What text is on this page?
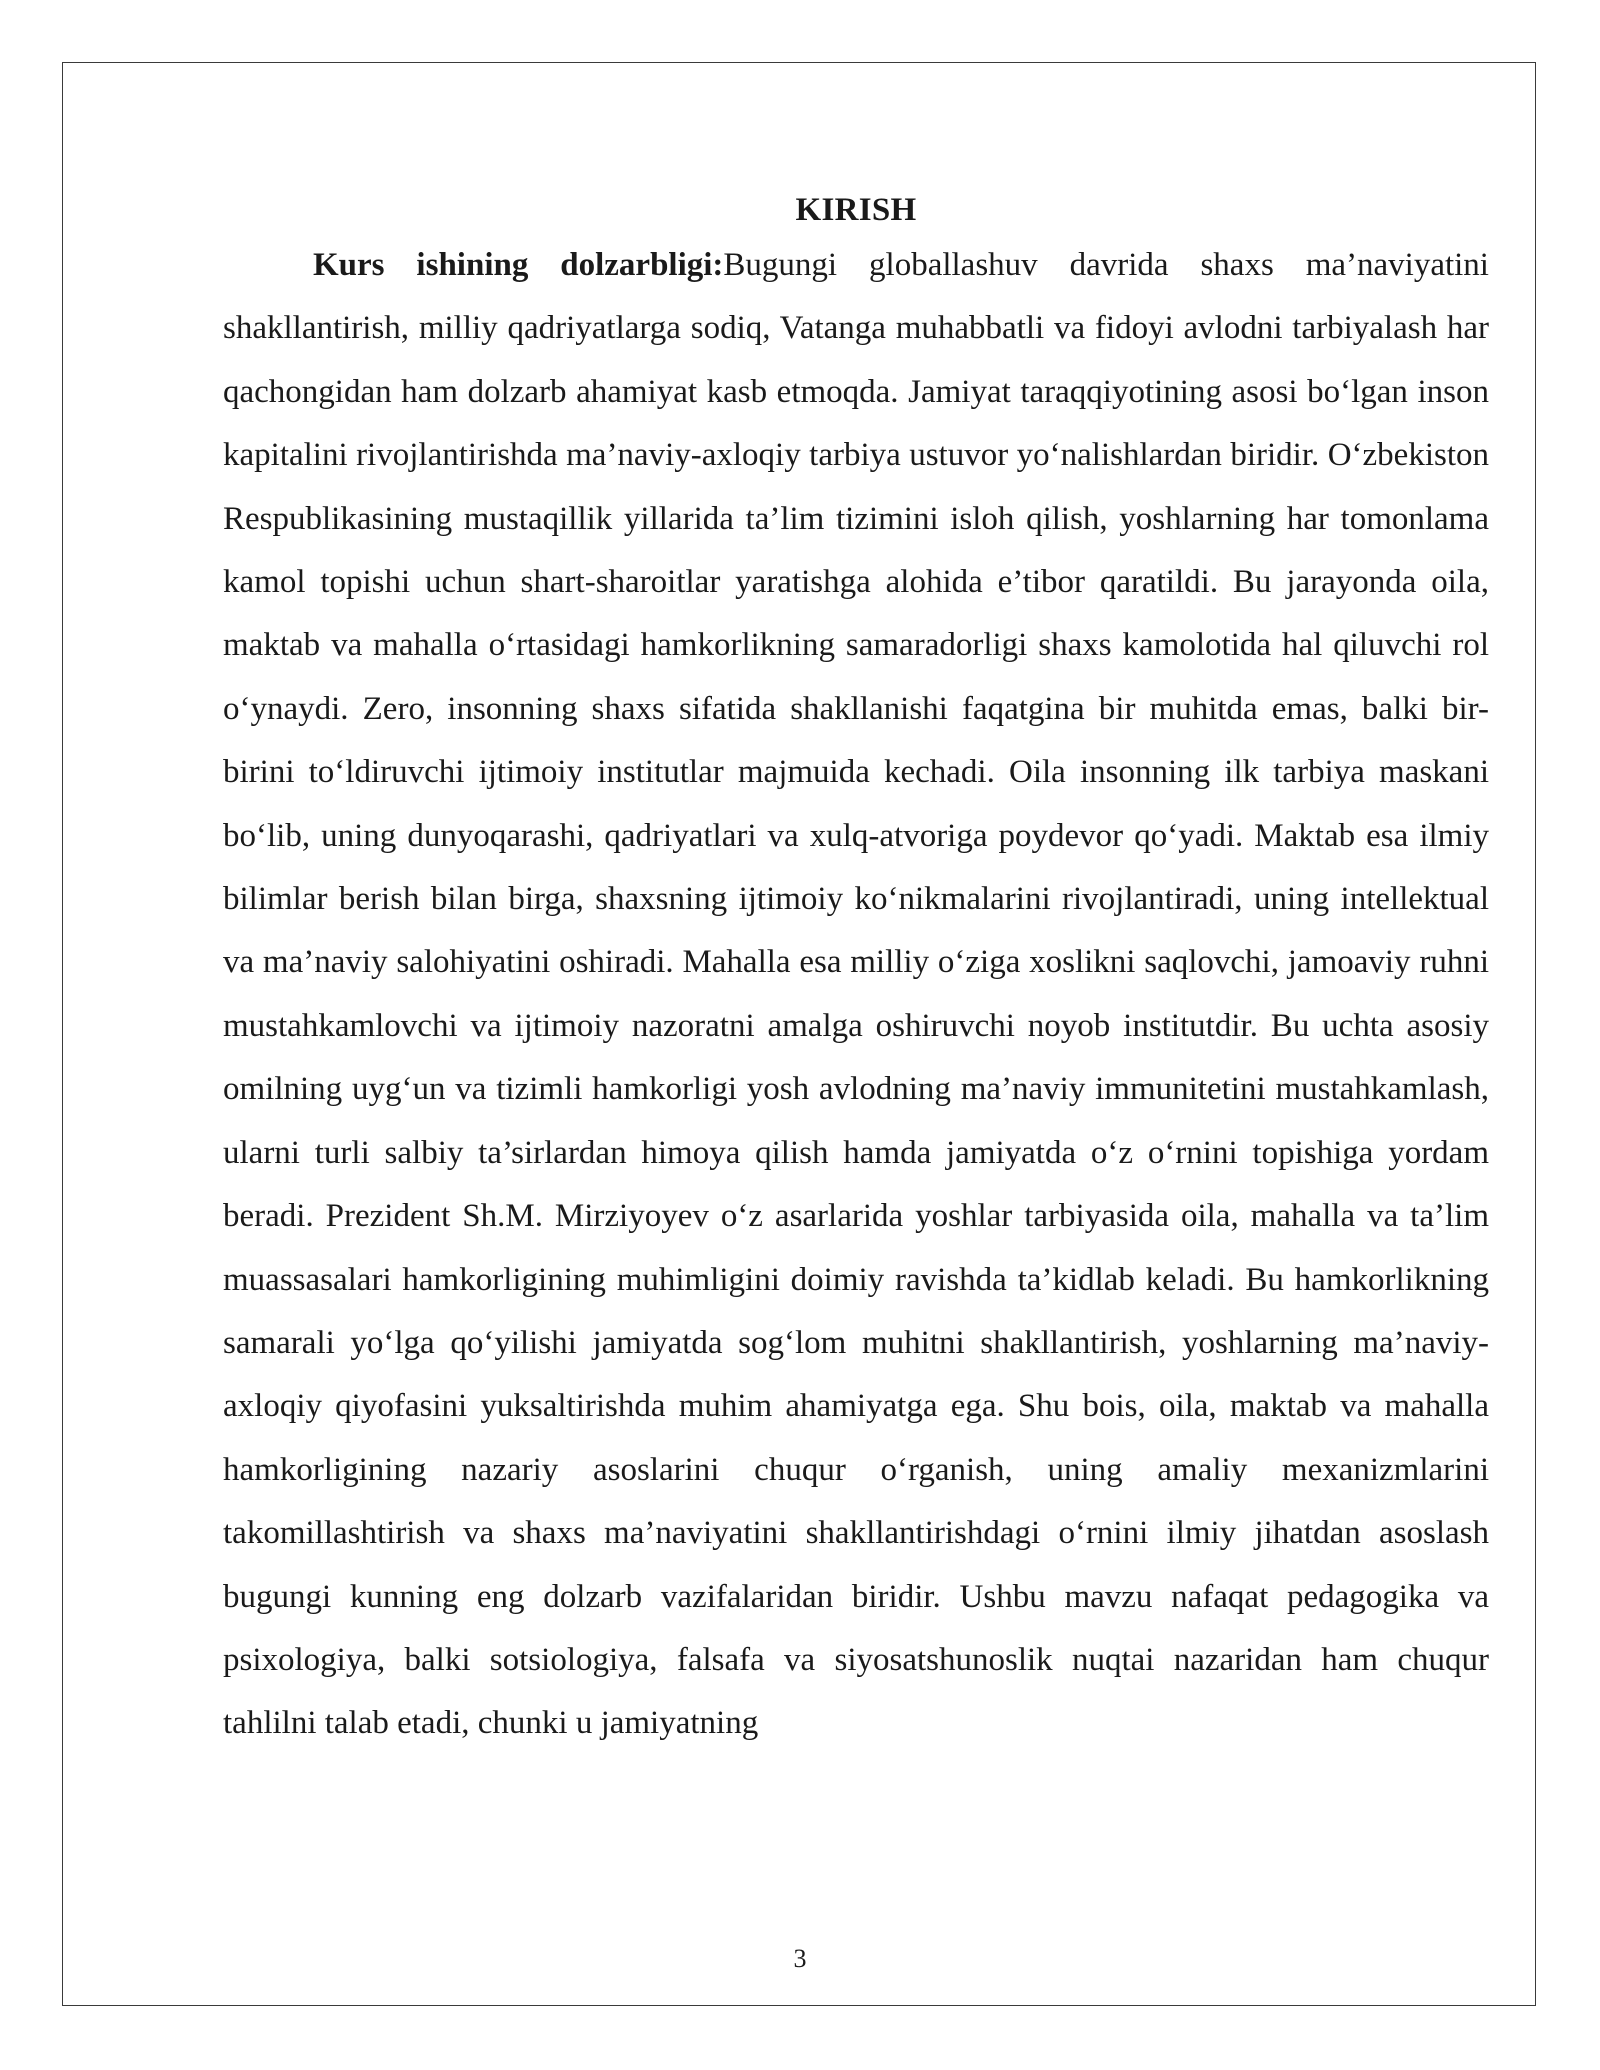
KIRISH

Kurs ishining dolzarbligi:Bugungi globallashuv davrida shaxs ma’naviyatini shakllantirish, milliy qadriyatlarga sodiq, Vatanga muhabbatli va fidoyi avlodni tarbiyalash har qachongidan ham dolzarb ahamiyat kasb etmoqda. Jamiyat taraqqiyotining asosi bo‘lgan inson kapitalini rivojlantirishda ma’naviy-axloqiy tarbiya ustuvor yo‘nalishlardan biridir. O‘zbekiston Respublikasining mustaqillik yillarida ta’lim tizimini isloh qilish, yoshlarning har tomonlama kamol topishi uchun shart-sharoitlar yaratishga alohida e’tibor qaratildi. Bu jarayonda oila, maktab va mahalla o‘rtasidagi hamkorlikning samaradorligi shaxs kamolotida hal qiluvchi rol o‘ynaydi. Zero, insonning shaxs sifatida shakllanishi faqatgina bir muhitda emas, balki bir-birini to‘ldiruvchi ijtimoiy institutlar majmuida kechadi. Oila insonning ilk tarbiya maskani bo‘lib, uning dunyoqarashi, qadriyatlari va xulq-atvoriga poydevor qo‘yadi. Maktab esa ilmiy bilimlar berish bilan birga, shaxsning ijtimoiy ko‘nikmalarini rivojlantiradi, uning intellektual va ma’naviy salohiyatini oshiradi. Mahalla esa milliy o‘ziga xoslikni saqlovchi, jamoaviy ruhni mustahkamlovchi va ijtimoiy nazoratni amalga oshiruvchi noyob institutdir. Bu uchta asosiy omilning uyg‘un va tizimli hamkorligi yosh avlodning ma’naviy immunitetini mustahkamlash, ularni turli salbiy ta’sirlardan himoya qilish hamda jamiyatda o‘z o‘rnini topishiga yordam beradi. Prezident Sh.M. Mirziyoyev o‘z asarlarida yoshlar tarbiyasida oila, mahalla va ta’lim muassasalari hamkorligining muhimligini doimiy ravishda ta’kidlab keladi. Bu hamkorlikning samarali yo‘lga qo‘yilishi jamiyatda sog‘lom muhitni shakllantirish, yoshlarning ma’naviy-axloqiy qiyofasini yuksaltirishda muhim ahamiyatga ega. Shu bois, oila, maktab va mahalla hamkorligining nazariy asoslarini chuqur o‘rganish, uning amaliy mexanizmlarini takomillashtirish va shaxs ma’naviyatini shakllantirishdagi o‘rnini ilmiy jihatdan asoslash bugungi kunning eng dolzarb vazifalaridan biridir. Ushbu mavzu nafaqat pedagogika va psixologiya, balki sotsiologiya, falsafa va siyosatshunoslik nuqtai nazaridan ham chuqur tahlilni talab etadi, chunki u jamiyatning

3
